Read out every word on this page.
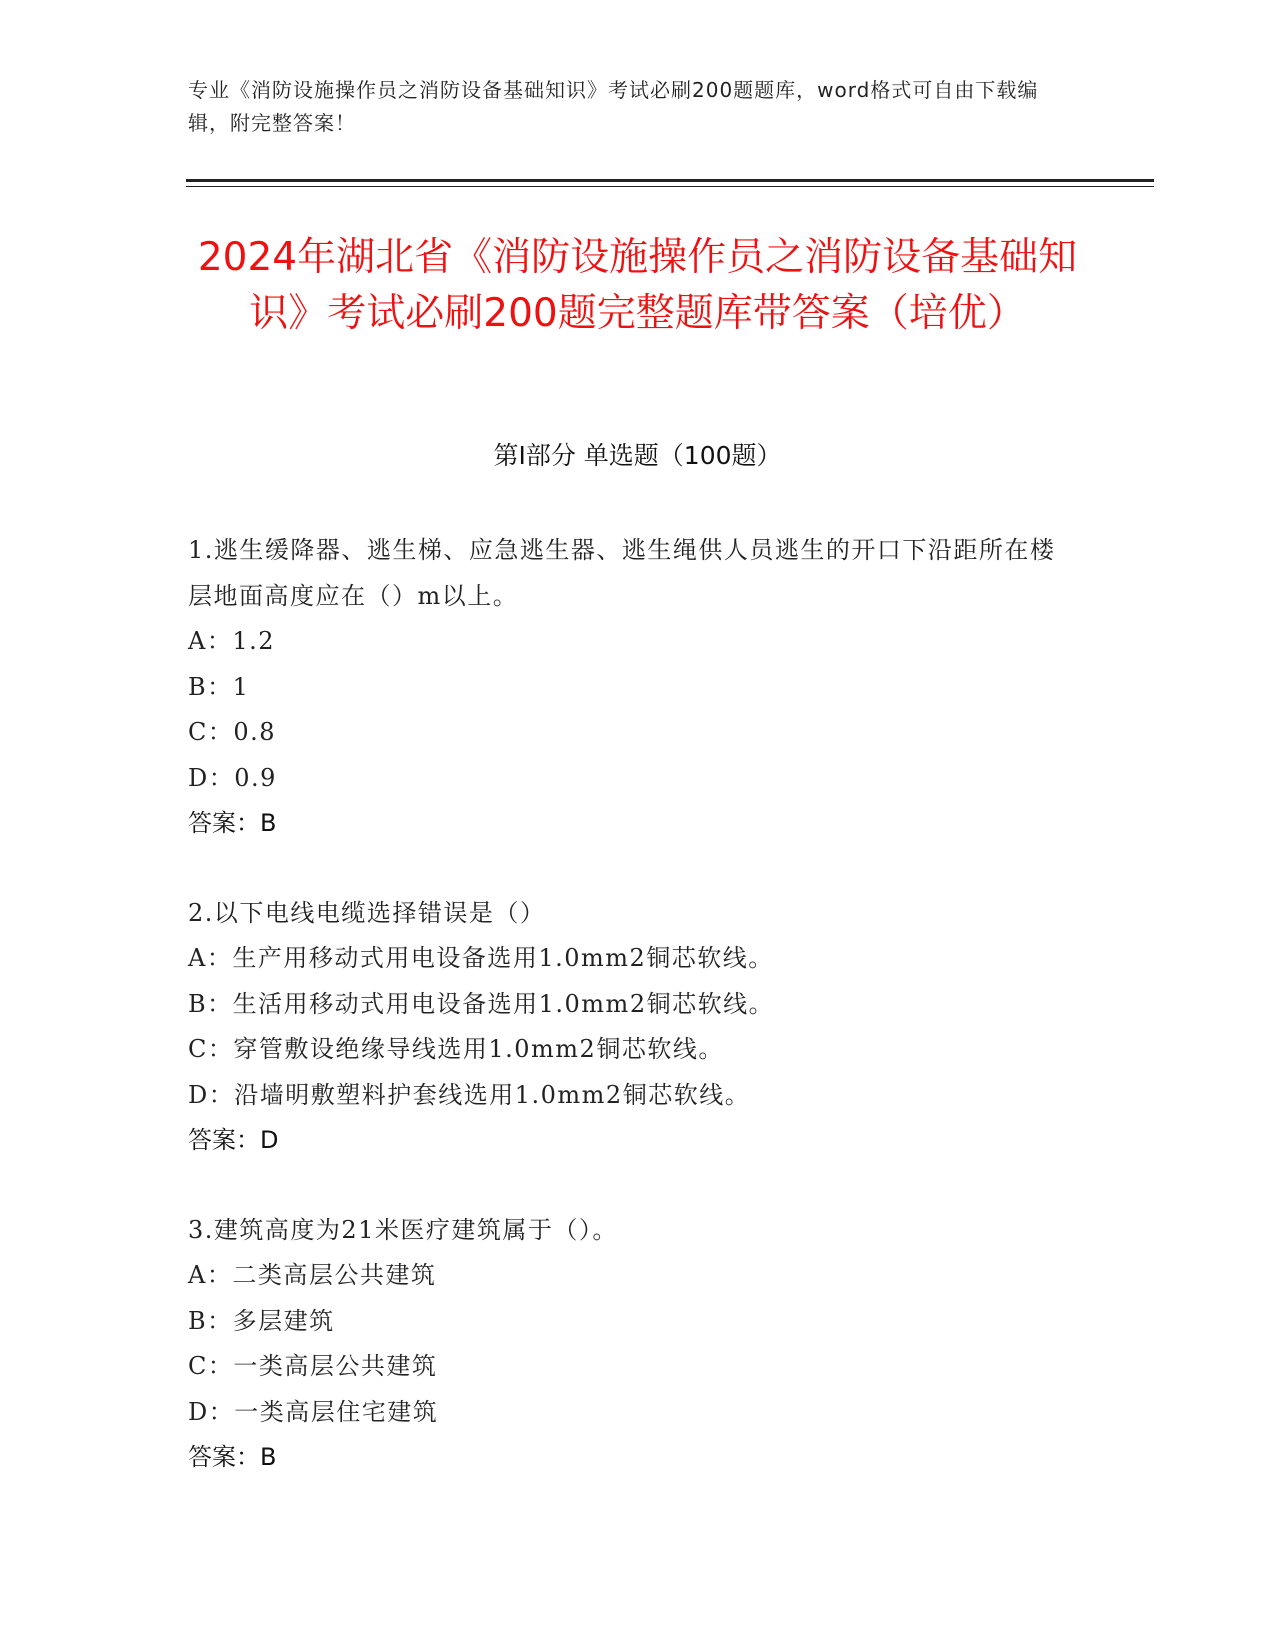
专业《消防设施操作员之消防设备基础知识》考试必刷200题题库，word格式可自由下载编辑，附完整答案！
2024年湖北省《消防设施操作员之消防设备基础知识》考试必刷200题完整题库带答案（培优）
第I部分 单选题（100题）

1.逃生缓降器、逃生梯、应急逃生器、逃生绳供人员逃生的开口下沿距所在楼层地面高度应在（）m以上。

A：1.2

B：1

C：0.8

D：0.9

答案：B

2.以下电线电缆选择错误是（）

A：生产用移动式用电设备选用1.0mm2铜芯软线。

B：生活用移动式用电设备选用1.0mm2铜芯软线。

C：穿管敷设绝缘导线选用1.0mm2铜芯软线。

D：沿墙明敷塑料护套线选用1.0mm2铜芯软线。

答案：D

3.建筑高度为21米医疗建筑属于（）。

A：二类高层公共建筑

B：多层建筑

C：一类高层公共建筑

D：一类高层住宅建筑

答案：B
